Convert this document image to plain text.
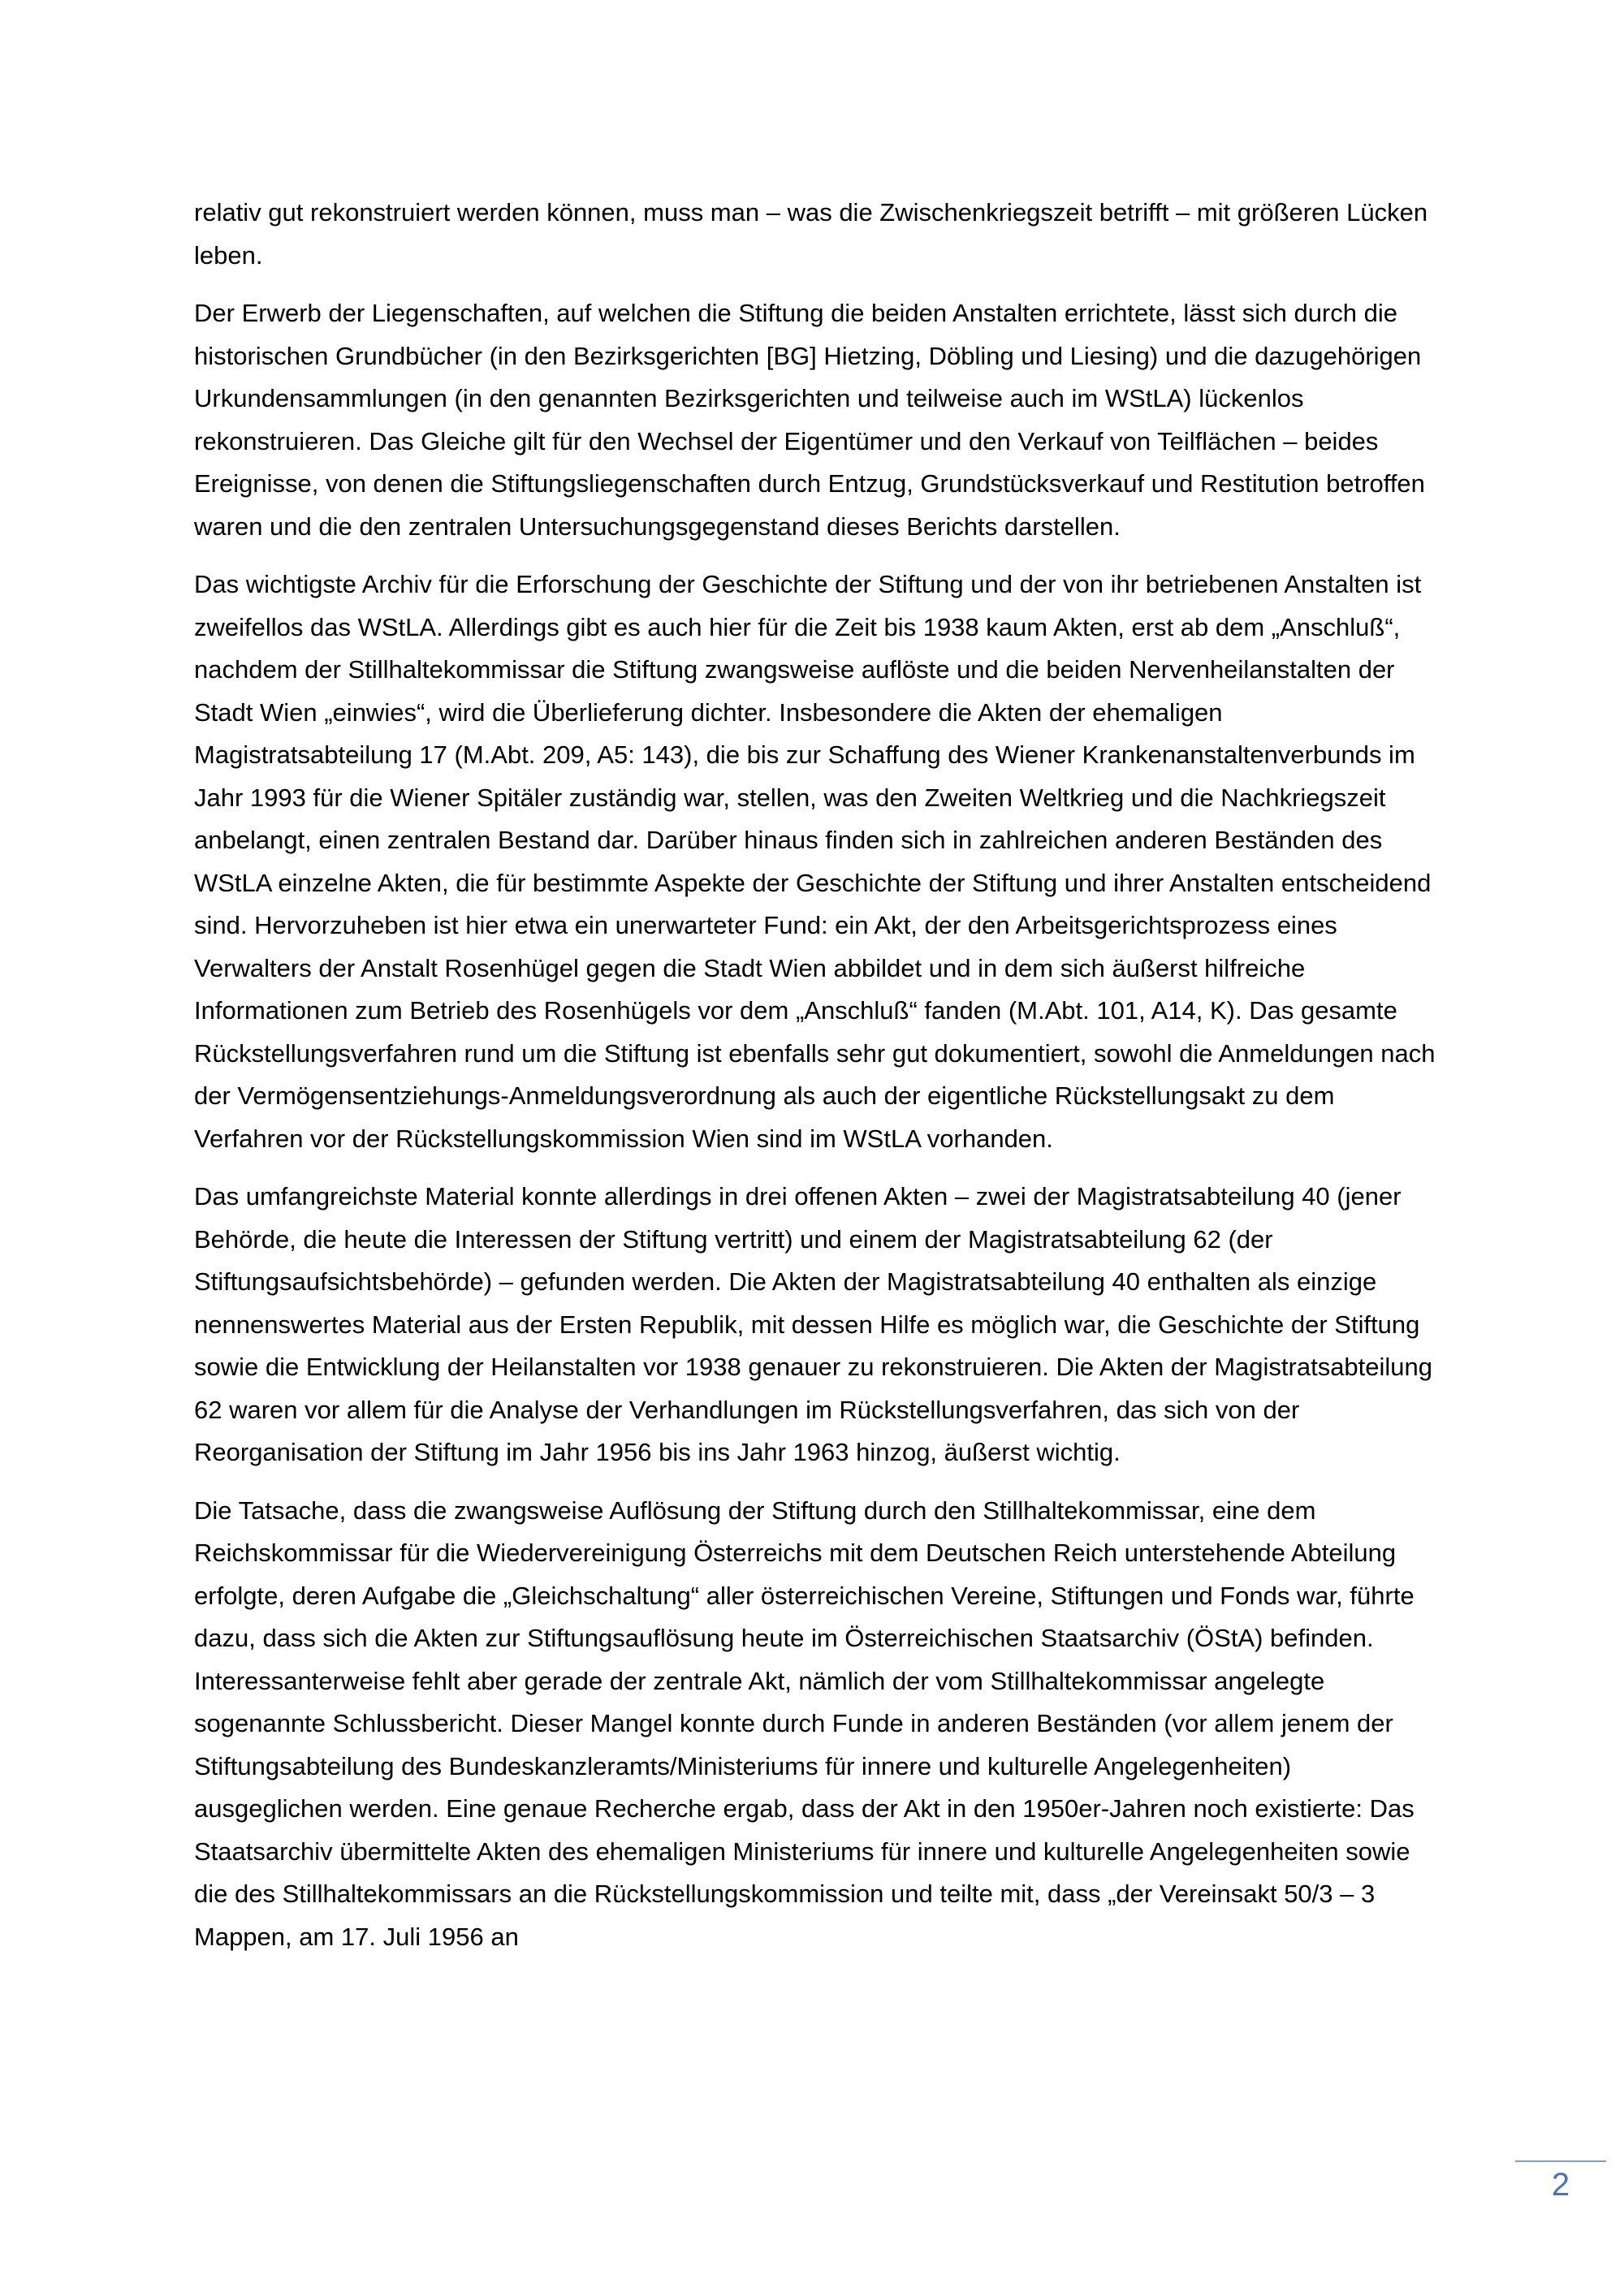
relativ gut rekonstruiert werden können, muss man – was die Zwischenkriegszeit betrifft – mit größeren Lücken leben.

Der Erwerb der Liegenschaften, auf welchen die Stiftung die beiden Anstalten errichtete, lässt sich durch die historischen Grundbücher (in den Bezirksgerichten [BG] Hietzing, Döbling und Liesing) und die dazugehörigen Urkundensammlungen (in den genannten Bezirksgerichten und teilweise auch im WStLA) lückenlos rekonstruieren. Das Gleiche gilt für den Wechsel der Eigentümer und den Verkauf von Teilflächen – beides Ereignisse, von denen die Stiftungsliegenschaften durch Entzug, Grundstücksverkauf und Restitution betroffen waren und die den zentralen Untersuchungsgegenstand dieses Berichts darstellen.

Das wichtigste Archiv für die Erforschung der Geschichte der Stiftung und der von ihr betriebenen Anstalten ist zweifellos das WStLA. Allerdings gibt es auch hier für die Zeit bis 1938 kaum Akten, erst ab dem „Anschluß“, nachdem der Stillhaltekommissar die Stiftung zwangsweise auflöste und die beiden Nervenheilanstalten der Stadt Wien „einwies“, wird die Überlieferung dichter. Insbesondere die Akten der ehemaligen Magistratsabteilung 17 (M.Abt. 209, A5: 143), die bis zur Schaffung des Wiener Krankenanstaltenverbunds im Jahr 1993 für die Wiener Spitäler zuständig war, stellen, was den Zweiten Weltkrieg und die Nachkriegszeit anbelangt, einen zentralen Bestand dar. Darüber hinaus finden sich in zahlreichen anderen Beständen des WStLA einzelne Akten, die für bestimmte Aspekte der Geschichte der Stiftung und ihrer Anstalten entscheidend sind. Hervorzuheben ist hier etwa ein unerwarteter Fund: ein Akt, der den Arbeitsgerichtsprozess eines Verwalters der Anstalt Rosenhügel gegen die Stadt Wien abbildet und in dem sich äußerst hilfreiche Informationen zum Betrieb des Rosenhügels vor dem „Anschluß“ fanden (M.Abt. 101, A14, K). Das gesamte Rückstellungsverfahren rund um die Stiftung ist ebenfalls sehr gut dokumentiert, sowohl die Anmeldungen nach der Vermögensentziehungs-Anmeldungsverordnung als auch der eigentliche Rückstellungsakt zu dem Verfahren vor der Rückstellungskommission Wien sind im WStLA vorhanden.

Das umfangreichste Material konnte allerdings in drei offenen Akten – zwei der Magistratsabteilung 40 (jener Behörde, die heute die Interessen der Stiftung vertritt) und einem der Magistratsabteilung 62 (der Stiftungsaufsichtsbehörde) – gefunden werden. Die Akten der Magistratsabteilung 40 enthalten als einzige nennenswertes Material aus der Ersten Republik, mit dessen Hilfe es möglich war, die Geschichte der Stiftung sowie die Entwicklung der Heilanstalten vor 1938 genauer zu rekonstruieren. Die Akten der Magistratsabteilung 62 waren vor allem für die Analyse der Verhandlungen im Rückstellungsverfahren, das sich von der Reorganisation der Stiftung im Jahr 1956 bis ins Jahr 1963 hinzog, äußerst wichtig.

Die Tatsache, dass die zwangsweise Auflösung der Stiftung durch den Stillhaltekommissar, eine dem Reichskommissar für die Wiedervereinigung Österreichs mit dem Deutschen Reich unterstehende Abteilung erfolgte, deren Aufgabe die „Gleichschaltung“ aller österreichischen Vereine, Stiftungen und Fonds war, führte dazu, dass sich die Akten zur Stiftungsauflösung heute im Österreichischen Staatsarchiv (ÖStA) befinden. Interessanterweise fehlt aber gerade der zentrale Akt, nämlich der vom Stillhaltekommissar angelegte sogenannte Schlussbericht. Dieser Mangel konnte durch Funde in anderen Beständen (vor allem jenem der Stiftungsabteilung des Bundeskanzleramts/Ministeriums für innere und kulturelle Angelegenheiten) ausgeglichen werden. Eine genaue Recherche ergab, dass der Akt in den 1950er-Jahren noch existierte: Das Staatsarchiv übermittelte Akten des ehemaligen Ministeriums für innere und kulturelle Angelegenheiten sowie die des Stillhaltekommissars an die Rückstellungskommission und teilte mit, dass „der Vereinsakt 50/3 – 3 Mappen, am 17. Juli 1956 an

2
